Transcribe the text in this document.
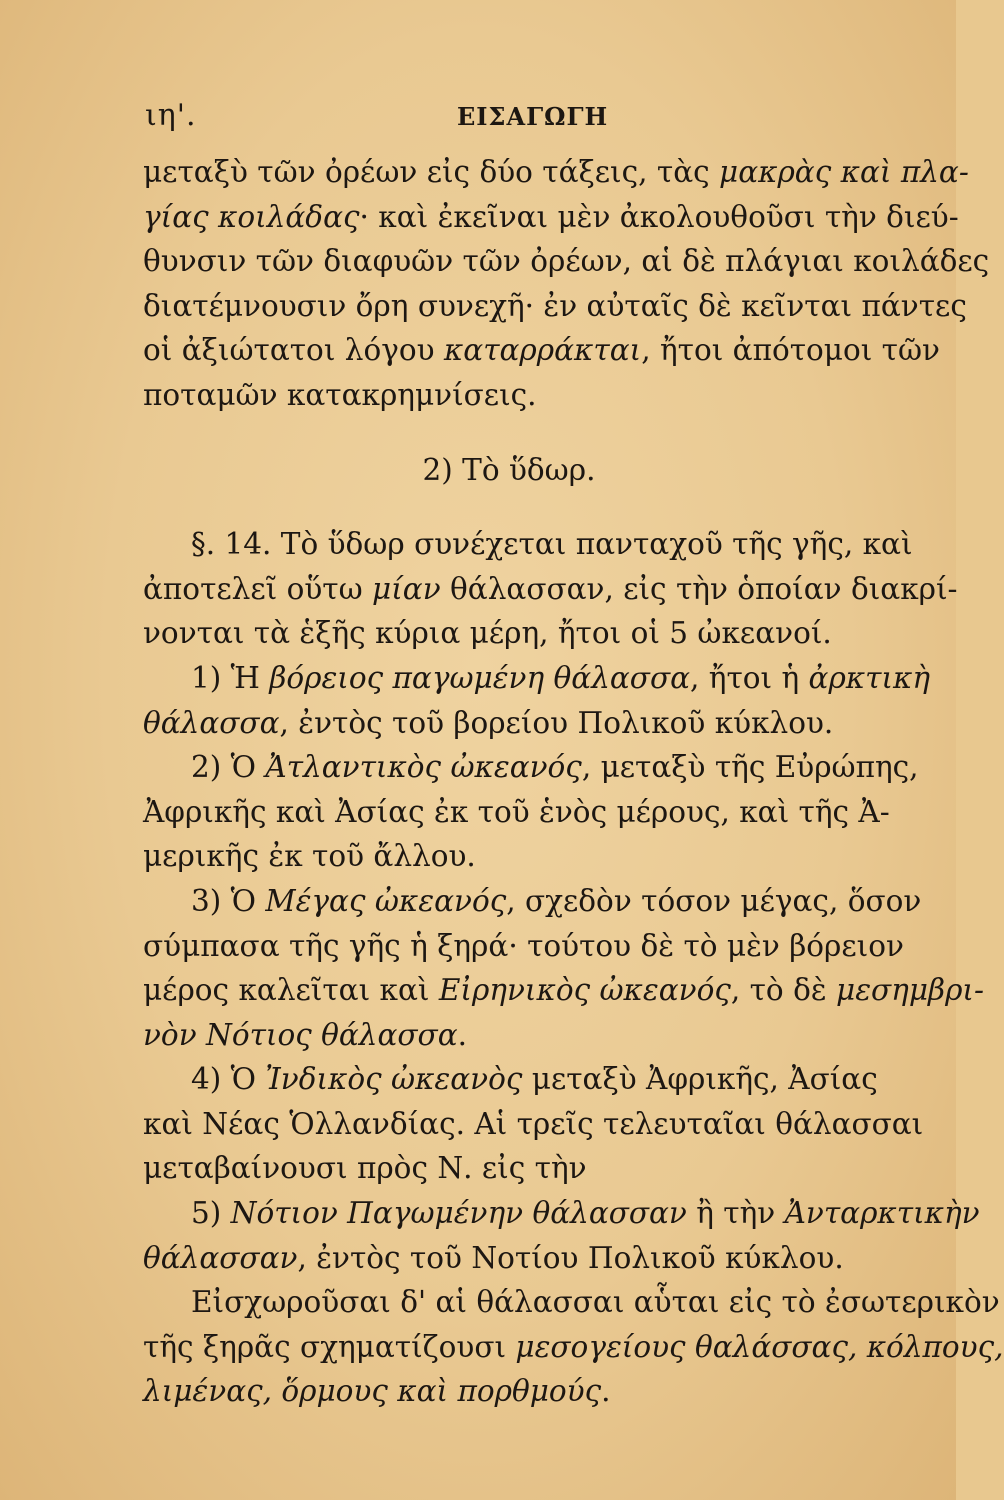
ιη'.	ΕΙΣΑΓΩΓΗ
μεταξὺ τῶν ὀρέων εἰς δύο τάξεις, τὰς μακρὰς καὶ πλα-
γίας κοιλάδας· καὶ ἐκεῖναι μὲν ἀκολουθοῦσι τὴν διεύ-
θυνσιν τῶν διαφυῶν τῶν ὀρέων, αἱ δὲ πλάγιαι κοιλάδες
διατέμνουσιν ὄρη συνεχῆ· ἐν αὐταῖς δὲ κεῖνται πάντες
οἱ ἀξιώτατοι λόγου καταρράκται, ἤτοι ἀπότομοι τῶν
ποταμῶν κατακρημνίσεις.
2) Τὸ ὕδωρ.
§. 14. Τὸ ὕδωρ συνέχεται πανταχοῦ τῆς γῆς, καὶ
ἀποτελεῖ οὕτω μίαν θάλασσαν, εἰς τὴν ὁποίαν διακρί-
νονται τὰ ἑξῆς κύρια μέρη, ἤτοι οἱ 5 ὠκεανοί.
1) Ἡ βόρειος παγωμένη θάλασσα, ἤτοι ἡ ἀρκτικὴ
θάλασσα, ἐντὸς τοῦ βορείου Πολικοῦ κύκλου.
2) Ὁ Ἀτλαντικὸς ὠκεανός, μεταξὺ τῆς Εὐρώπης,
Ἀφρικῆς καὶ Ἀσίας ἐκ τοῦ ἑνὸς μέρους, καὶ τῆς Ἀ-
μερικῆς ἐκ τοῦ ἄλλου.
3) Ὁ Μέγας ὠκεανός, σχεδὸν τόσον μέγας, ὅσον
σύμπασα τῆς γῆς ἡ ξηρά· τούτου δὲ τὸ μὲν βόρειον
μέρος καλεῖται καὶ Εἰρηνικὸς ὠκεανός, τὸ δὲ μεσημβρι-
νὸν Νότιος θάλασσα.
4) Ὁ Ἰνδικὸς ὠκεανὸς μεταξὺ Ἀφρικῆς, Ἀσίας
καὶ Νέας Ὁλλανδίας. Αἱ τρεῖς τελευταῖαι θάλασσαι
μεταβαίνουσι πρὸς Ν. εἰς τὴν
5) Νότιον Παγωμένην θάλασσαν ἢ τὴν Ἀνταρκτικὴν
θάλασσαν, ἐντὸς τοῦ Νοτίου Πολικοῦ κύκλου.
Εἰσχωροῦσαι δ' αἱ θάλασσαι αὗται εἰς τὸ ἐσωτερικὸν
τῆς ξηρᾶς σχηματίζουσι μεσογείους θαλάσσας, κόλπους,
λιμένας, ὅρμους καὶ πορθμούς.
